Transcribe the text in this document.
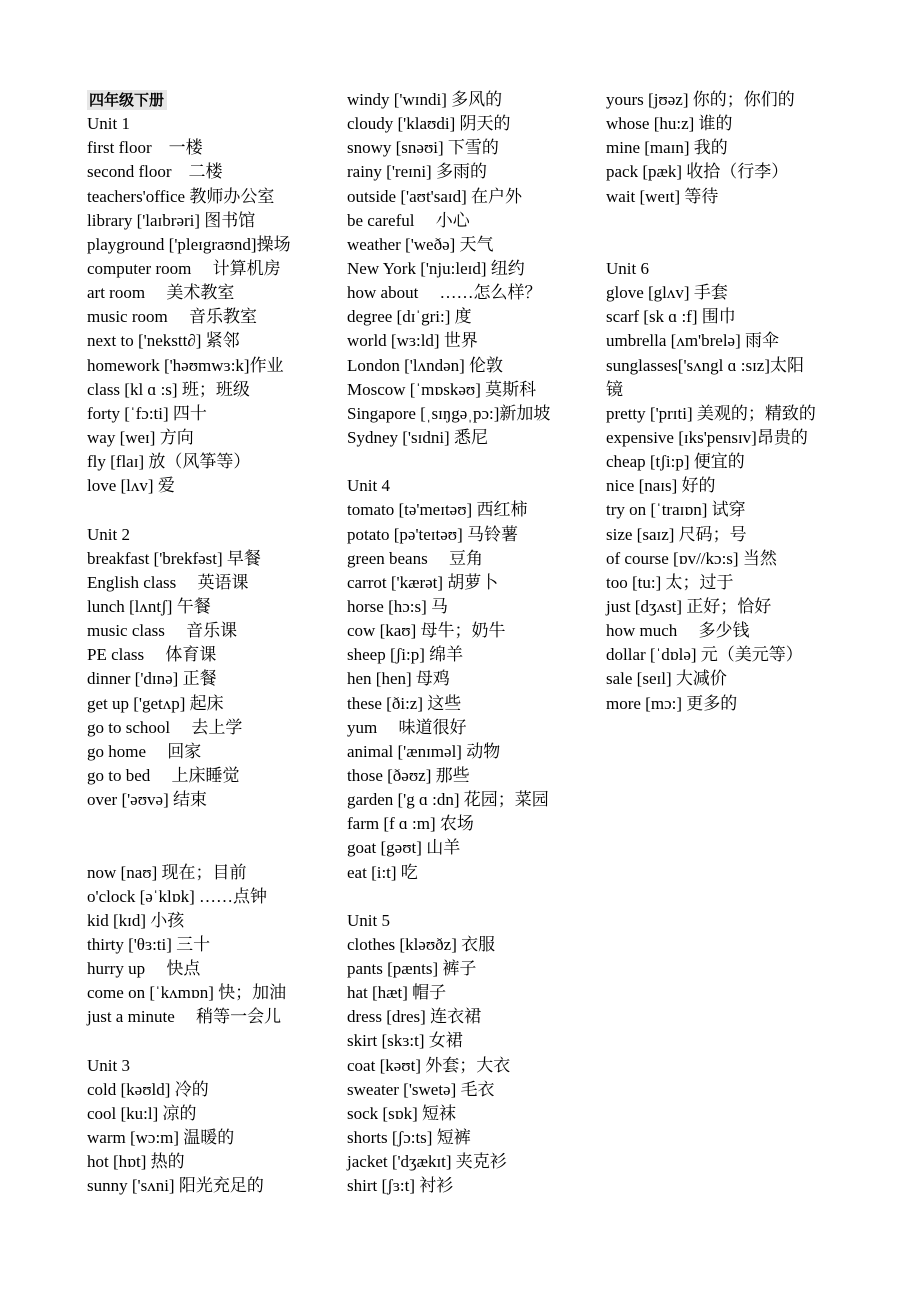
四年级下册
Unit 1
first floor　一楼
second floor　二楼
teachers'office 教师办公室
library ['laɪbrəri] 图书馆
playground ['pleɪgraʊnd]操场
computer room　 计算机房
art room　 美术教室
music room　 音乐教室
next to ['nekstt∂] 紧邻
homework ['həʊmwɜ:k]作业
class [kl ɑ :s] 班；班级
forty [ˈfɔ:ti] 四十
way [weɪ] 方向
fly [flaɪ] 放（风筝等）
love [lʌv] 爱
Unit 2
breakfast ['brekfəst] 早餐
English class　 英语课
lunch [lʌntʃ] 午餐
music class　 音乐课
PE class　 体育课
dinner ['dɪnə] 正餐
get up ['getʌp] 起床
go to school　 去上学
go home　 回家
go to bed　 上床睡觉
over ['əʊvə] 结束
now [naʊ] 现在；目前
o'clock [əˈklɒk] ……点钟
kid [kɪd] 小孩
thirty ['θɜ:ti] 三十
hurry up　 快点
come on [ˈkʌmɒn] 快；加油
just a minute　 稍等一会儿
Unit 3
cold [kəʊld] 冷的
cool [ku:l] 凉的
warm [wɔ:m] 温暖的
hot [hɒt] 热的
sunny ['sʌni] 阳光充足的
windy ['wɪndi] 多风的
cloudy ['klaʊdi] 阴天的
snowy [snəʊi] 下雪的
rainy ['reɪni] 多雨的
outside ['aʊt'saɪd] 在户外
be careful　 小心
weather ['weðə] 天气
New York ['nju:leɪd] 纽约
how about　 ……怎么样？
degree [dɪˈgri:] 度
world [wɜ:ld] 世界
London ['lʌndən] 伦敦
Moscow [ˈmɒskəʊ] 莫斯科
Singapore [ˌsɪŋgəˌpɔ:]新加坡
Sydney ['sɪdni] 悉尼
Unit 4
tomato [tə'meɪtəʊ] 西红柿
potato [pə'teɪtəʊ] 马铃薯
green beans　 豆角
carrot ['kærət] 胡萝卜
horse [hɔ:s] 马
cow [kaʊ] 母牛；奶牛
sheep [ʃi:p] 绵羊
hen [hen] 母鸡
these [ði:z] 这些
yum　 味道很好
animal ['ænɪməl] 动物
those [ðəʊz] 那些
garden ['g ɑ :dn] 花园；菜园
farm [f ɑ :m] 农场
goat [gəʊt] 山羊
eat [i:t] 吃
Unit 5
clothes [kləʊðz] 衣服
pants [pænts] 裤子
hat [hæt] 帽子
dress [dres] 连衣裙
skirt [skɜ:t] 女裙
coat [kəʊt] 外套；大衣
sweater ['swetə] 毛衣
sock [sɒk] 短袜
shorts [ʃɔ:ts] 短裤
jacket ['dʒækɪt] 夹克衫
shirt [ʃɜ:t] 衬衫
yours [jʊəz] 你的；你们的
whose [hu:z] 谁的
mine [maɪn] 我的
pack [pæk] 收拾（行李）
wait [weɪt] 等待
Unit 6
glove [glʌv] 手套
scarf [sk ɑ :f] 围巾
umbrella [ʌm'brelə] 雨伞
sunglasses['sʌngl ɑ :sɪz]太阳
镜
pretty ['prɪti] 美观的；精致的
expensive [ɪks'pensɪv]昂贵的
cheap [tʃi:p] 便宜的
nice [naɪs] 好的
try on [ˈtraɪɒn] 试穿
size [saɪz] 尺码；号
of course [ɒv//kɔ:s] 当然
too [tu:] 太；过于
just [dʒʌst] 正好；恰好
how much　 多少钱
dollar [ˈdɒlə] 元（美元等）
sale [seɪl] 大减价
more [mɔ:] 更多的
